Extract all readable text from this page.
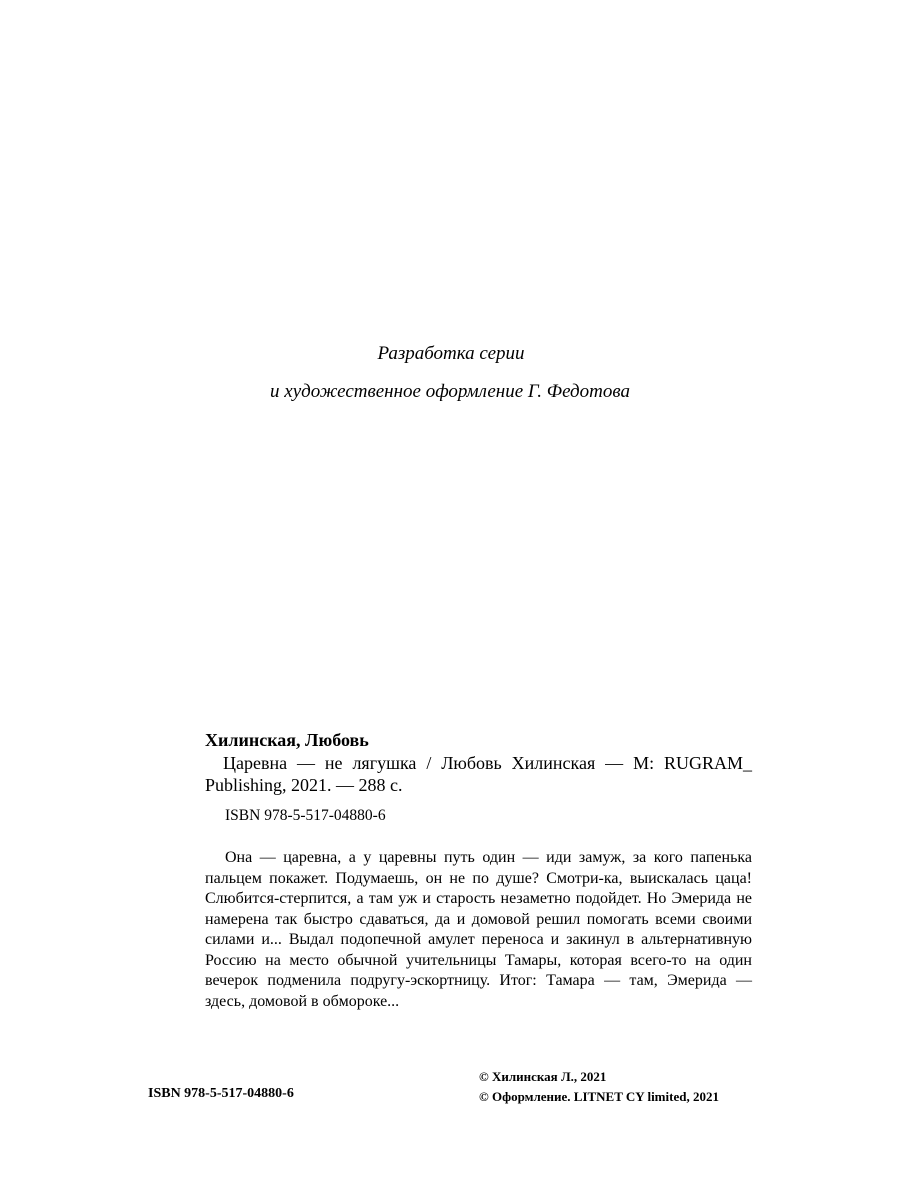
Разработка серии
и художественное оформление Г. Федотова

Хилинская, Любовь

Царевна — не лягушка / Любовь Хилинская — М: RUGRAM_ Publishing, 2021. — 288 с.

ISBN 978-5-517-04880-6

Она — царевна, а у царевны путь один — иди замуж, за кого папенька пальцем покажет. Подумаешь, он не по душе? Смотри-ка, выискалась цаца! Слюбится-стерпится, а там уж и старость незаметно подойдет. Но Эмерида не намерена так быстро сдаваться, да и домовой решил помогать всеми своими силами и... Выдал подопечной амулет переноса и закинул в альтернативную Россию на место обычной учительницы Тамары, которая всего-то на один вечерок подменила подругу-эскортницу. Итог: Тамара — там, Эмерида — здесь, домовой в обмороке...

ISBN 978-5-517-04880-6
© Хилинская Л., 2021
© Оформление. LITNET CY limited, 2021
